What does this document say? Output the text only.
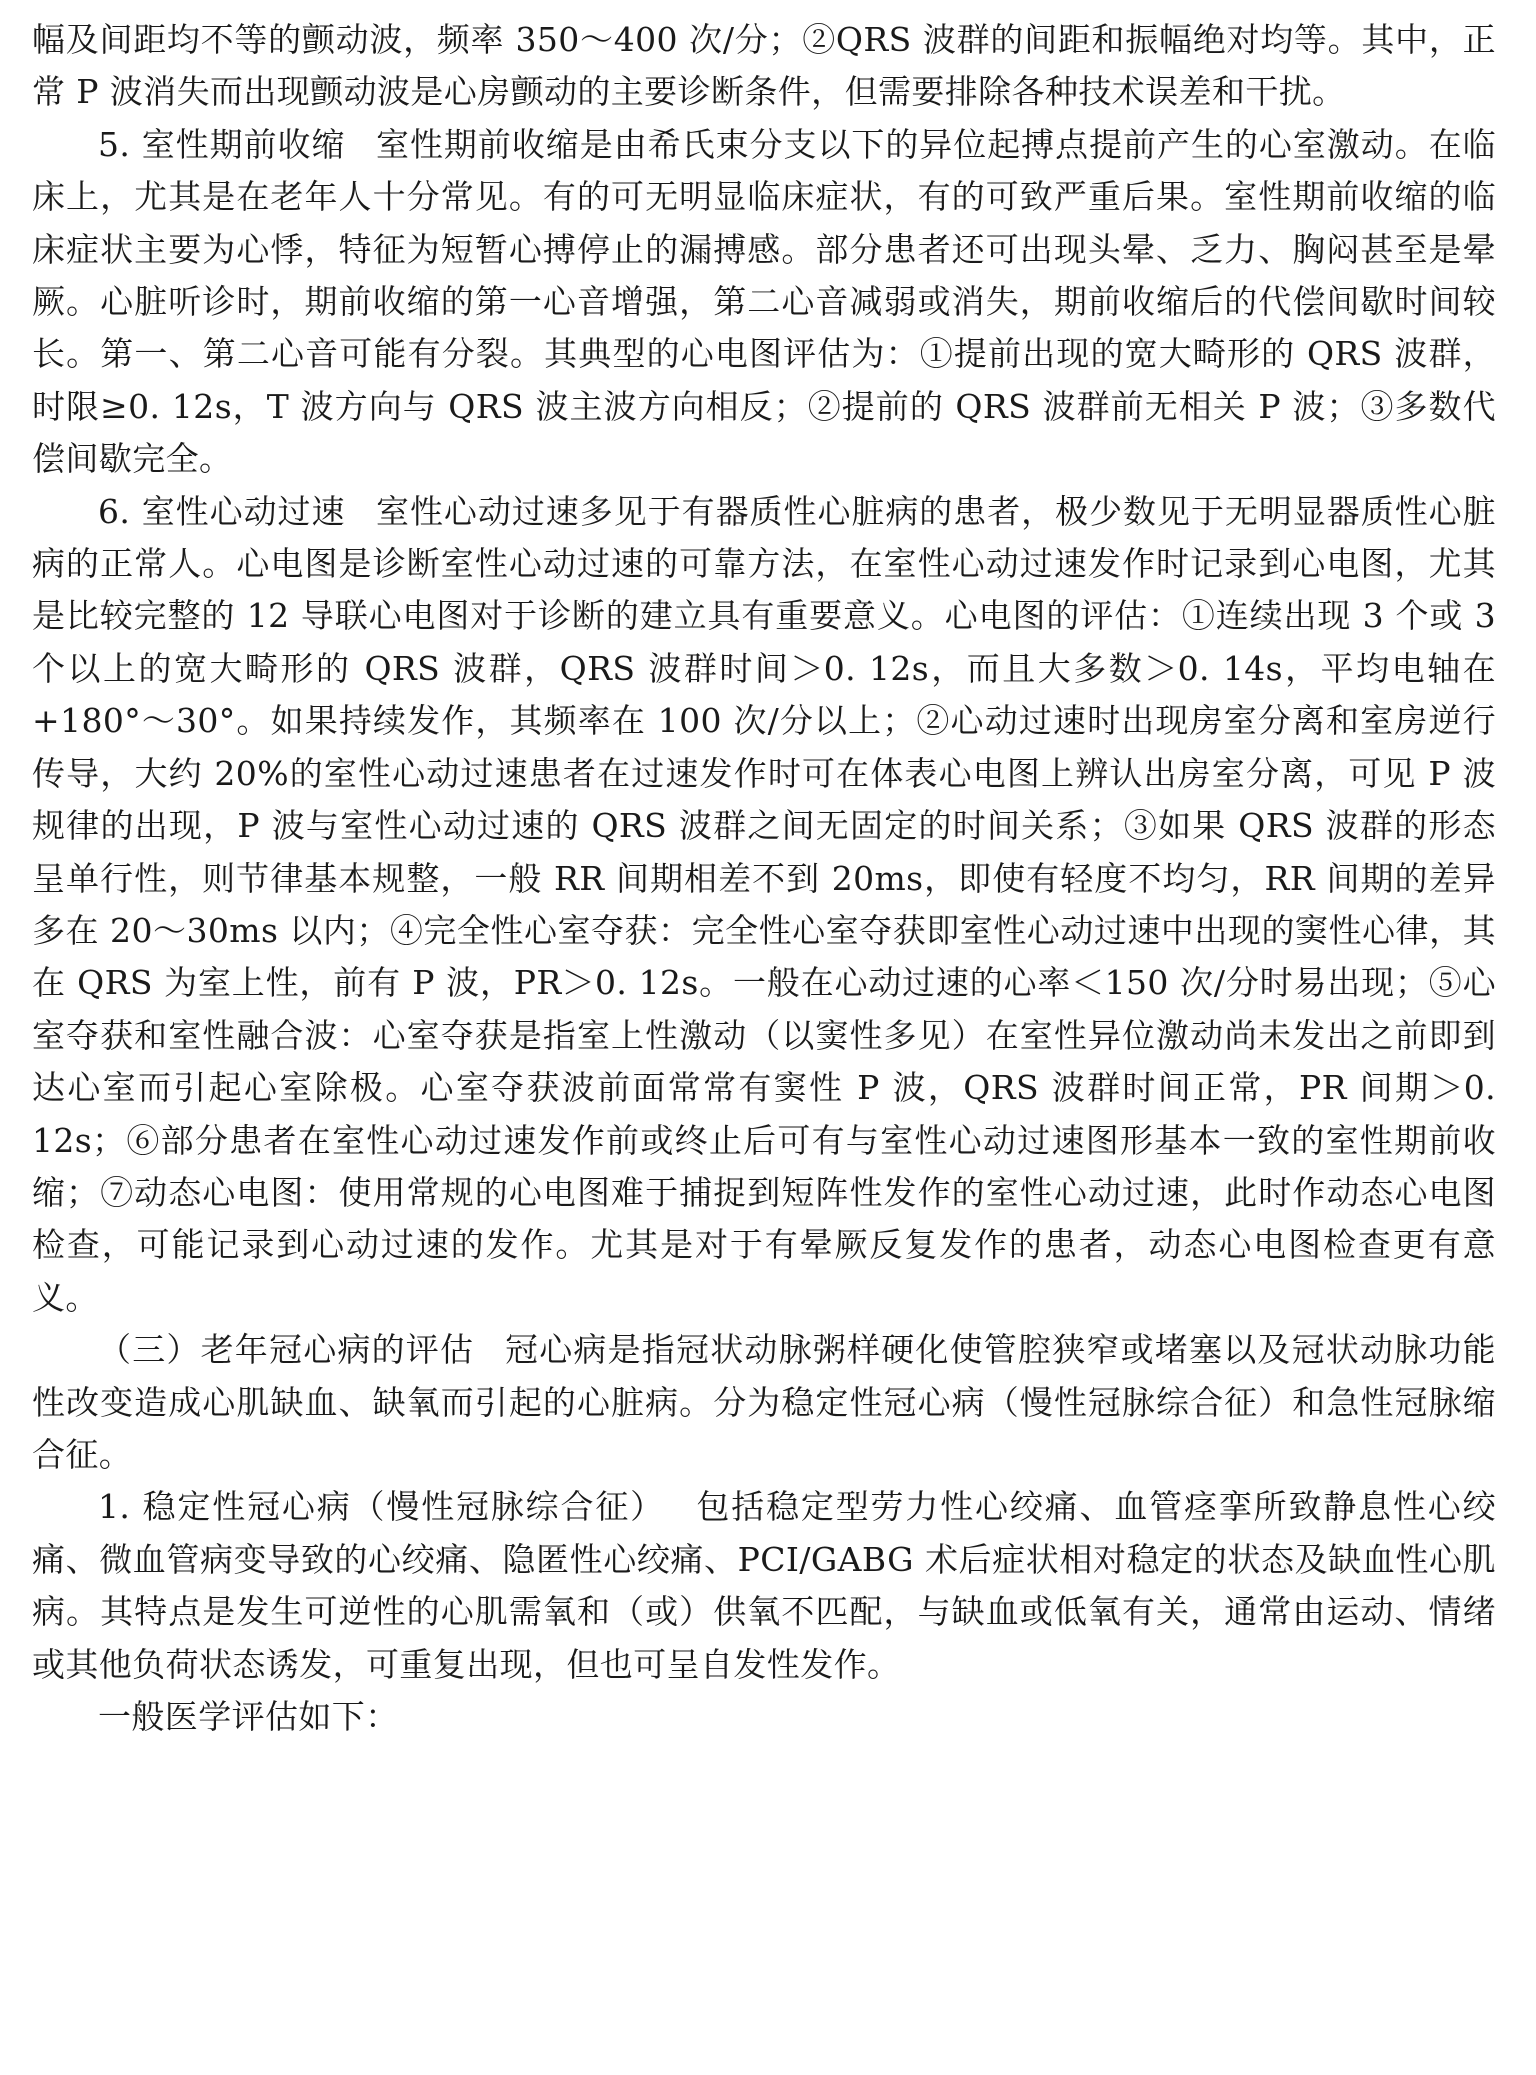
幅及间距均不等的颤动波，频率 350～400 次/分；②QRS 波群的间距和振幅绝对均等。其中，正常 P 波消失而出现颤动波是心房颤动的主要诊断条件，但需要排除各种技术误差和干扰。

5. 室性期前收缩 室性期前收缩是由希氏束分支以下的异位起搏点提前产生的心室激动。在临床上，尤其是在老年人十分常见。有的可无明显临床症状，有的可致严重后果。室性期前收缩的临床症状主要为心悸，特征为短暂心搏停止的漏搏感。部分患者还可出现头晕、乏力、胸闷甚至是晕厥。心脏听诊时，期前收缩的第一心音增强，第二心音减弱或消失，期前收缩后的代偿间歇时间较长。第一、第二心音可能有分裂。其典型的心电图评估为：①提前出现的宽大畸形的 QRS 波群，时限≥0. 12s，T 波方向与 QRS 波主波方向相反；②提前的 QRS 波群前无相关 P 波；③多数代偿间歇完全。

6. 室性心动过速 室性心动过速多见于有器质性心脏病的患者，极少数见于无明显器质性心脏病的正常人。心电图是诊断室性心动过速的可靠方法，在室性心动过速发作时记录到心电图，尤其是比较完整的 12 导联心电图对于诊断的建立具有重要意义。心电图的评估：①连续出现 3 个或 3 个以上的宽大畸形的 QRS 波群，QRS 波群时间＞0. 12s，而且大多数＞0. 14s，平均电轴在+180°～30°。如果持续发作，其频率在 100 次/分以上；②心动过速时出现房室分离和室房逆行传导，大约 20%的室性心动过速患者在过速发作时可在体表心电图上辨认出房室分离，可见 P 波规律的出现，P 波与室性心动过速的 QRS 波群之间无固定的时间关系；③如果 QRS 波群的形态呈单行性，则节律基本规整，一般 RR 间期相差不到 20ms，即使有轻度不均匀，RR 间期的差异多在 20～30ms 以内；④完全性心室夺获：完全性心室夺获即室性心动过速中出现的窦性心律，其在 QRS 为室上性，前有 P 波，PR＞0. 12s。一般在心动过速的心率＜150 次/分时易出现；⑤心室夺获和室性融合波：心室夺获是指室上性激动（以窦性多见）在室性异位激动尚未发出之前即到达心室而引起心室除极。心室夺获波前面常常有窦性 P 波，QRS 波群时间正常，PR 间期＞0. 12s；⑥部分患者在室性心动过速发作前或终止后可有与室性心动过速图形基本一致的室性期前收缩；⑦动态心电图：使用常规的心电图难于捕捉到短阵性发作的室性心动过速，此时作动态心电图检查，可能记录到心动过速的发作。尤其是对于有晕厥反复发作的患者，动态心电图检查更有意义。

（三）老年冠心病的评估 冠心病是指冠状动脉粥样硬化使管腔狭窄或堵塞以及冠状动脉功能性改变造成心肌缺血、缺氧而引起的心脏病。分为稳定性冠心病（慢性冠脉综合征）和急性冠脉缩合征。

1. 稳定性冠心病（慢性冠脉综合征） 包括稳定型劳力性心绞痛、血管痉挛所致静息性心绞痛、微血管病变导致的心绞痛、隐匿性心绞痛、PCI/GABG 术后症状相对稳定的状态及缺血性心肌病。其特点是发生可逆性的心肌需氧和（或）供氧不匹配，与缺血或低氧有关，通常由运动、情绪或其他负荷状态诱发，可重复出现，但也可呈自发性发作。

一般医学评估如下：
